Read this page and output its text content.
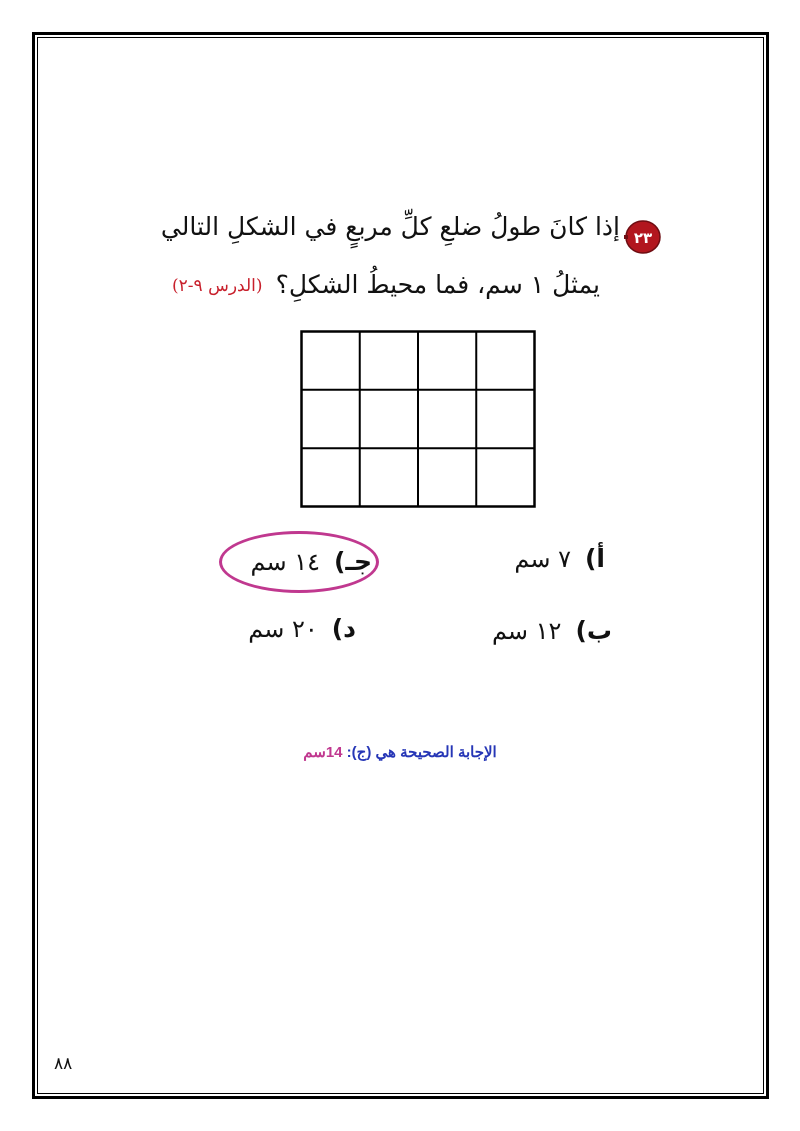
٢٣
إذا كانَ طولُ ضلعِ كلِّ مربعٍ في الشكلِ التالي
يمثلُ ١ سم، فما محيطُ الشكلِ؟
(الدرس ٩-٢)
أ)٧ سم
جـ)١٤ سم
ب)١٢ سم
د)٢٠ سم
الإجابة الصحيحة هي (ج): 14سم
٨٨
